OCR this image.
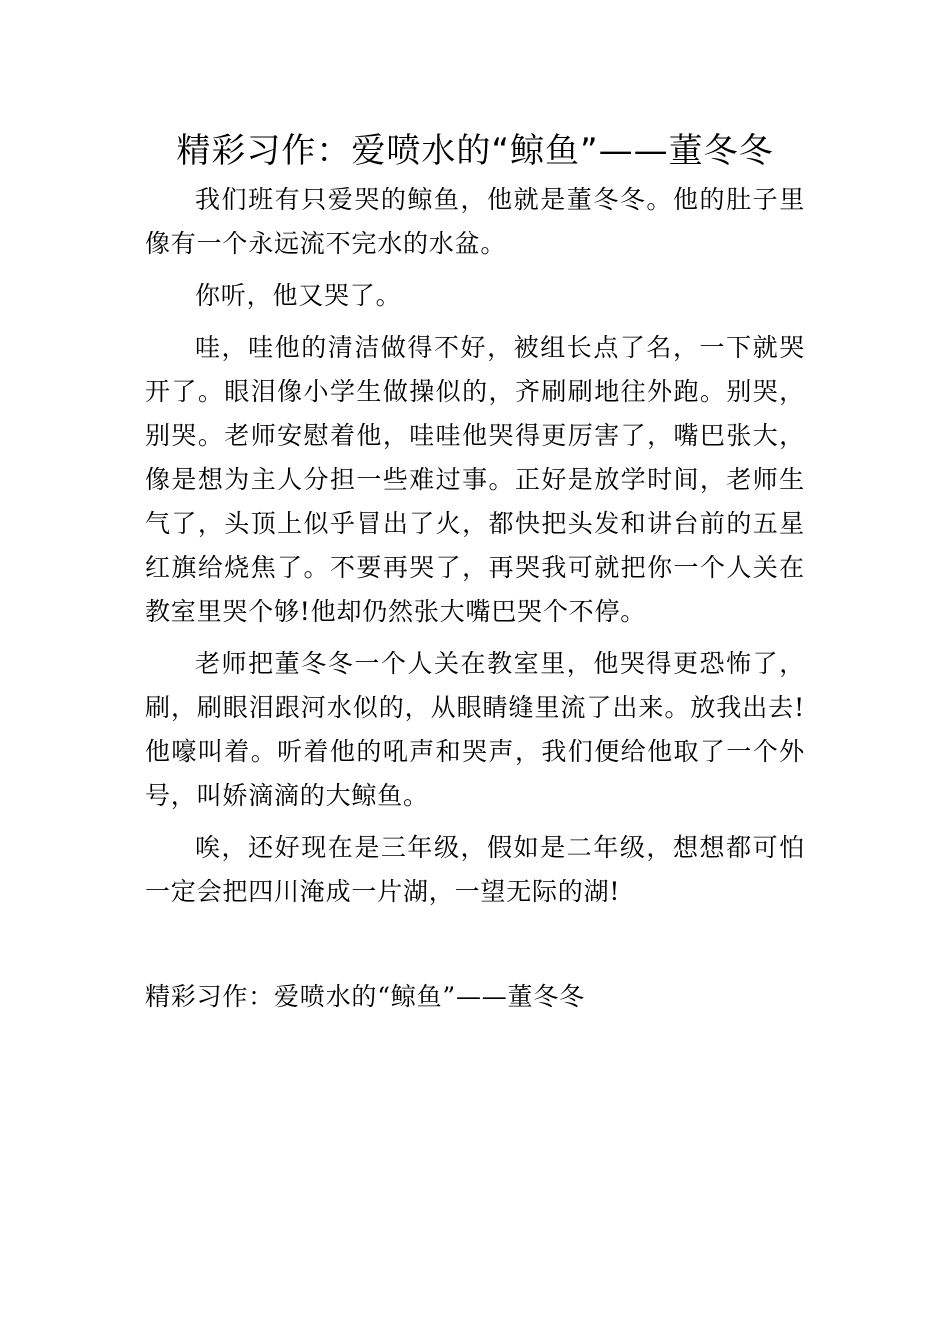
精彩习作：爱喷水的“鲸鱼”——董冬冬

我们班有只爱哭的鲸鱼，他就是董冬冬。他的肚子里像有一个永远流不完水的水盆。

你听，他又哭了。

哇，哇他的清洁做得不好，被组长点了名，一下就哭开了。眼泪像小学生做操似的，齐刷刷地往外跑。别哭，别哭。老师安慰着他，哇哇他哭得更厉害了，嘴巴张大，像是想为主人分担一些难过事。正好是放学时间，老师生气了，头顶上似乎冒出了火，都快把头发和讲台前的五星红旗给烧焦了。不要再哭了，再哭我可就把你一个人关在教室里哭个够!他却仍然张大嘴巴哭个不停。

老师把董冬冬一个人关在教室里，他哭得更恐怖了，刷，刷眼泪跟河水似的，从眼睛缝里流了出来。放我出去!他嚎叫着。听着他的吼声和哭声，我们便给他取了一个外号，叫娇滴滴的大鲸鱼。

唉，还好现在是三年级，假如是二年级，想想都可怕一定会把四川淹成一片湖，一望无际的湖!

精彩习作：爱喷水的“鲸鱼”——董冬冬
